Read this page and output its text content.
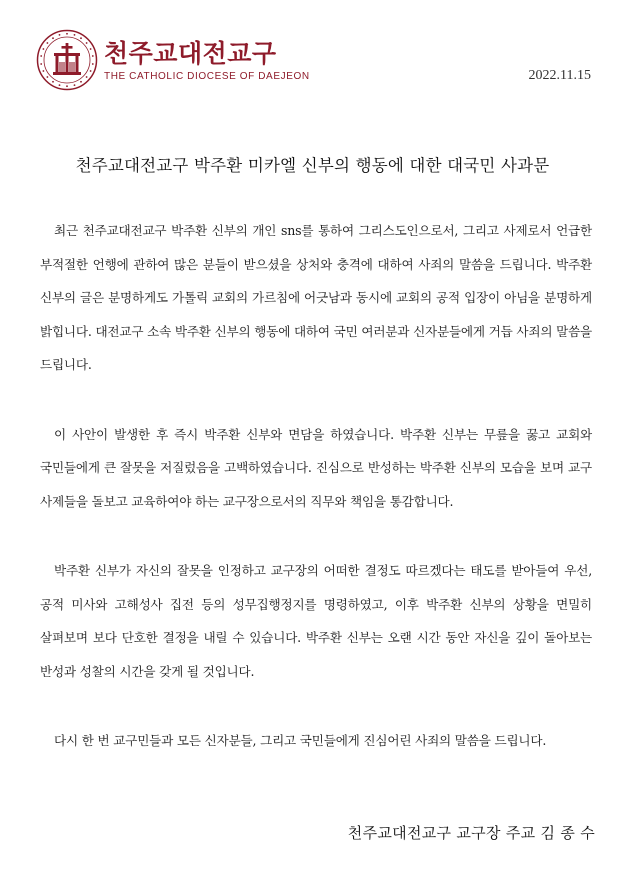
천주교대전교구
THE CATHOLIC DIOCESE OF DAEJEON	2022.11.15
천주교대전교구 박주환 미카엘 신부의 행동에 대한 대국민 사과문

최근 천주교대전교구 박주환 신부의 개인 sns를 통하여 그리스도인으로서, 그리고 사제로서 언급한 부적절한 언행에 관하여 많은 분들이 받으셨을 상처와 충격에 대하여 사죄의 말씀을 드립니다. 박주환 신부의 글은 분명하게도 가톨릭 교회의 가르침에 어긋남과 동시에 교회의 공적 입장이 아님을 분명하게 밝힙니다. 대전교구 소속 박주환 신부의 행동에 대하여 국민 여러분과 신자분들에게 거듭 사죄의 말씀을 드립니다.

이 사안이 발생한 후 즉시 박주환 신부와 면담을 하였습니다. 박주환 신부는 무릎을 꿇고 교회와 국민들에게 큰 잘못을 저질렀음을 고백하였습니다. 진심으로 반성하는 박주환 신부의 모습을 보며 교구 사제들을 돌보고 교육하여야 하는 교구장으로서의 직무와 책임을 통감합니다.

박주환 신부가 자신의 잘못을 인정하고 교구장의 어떠한 결정도 따르겠다는 태도를 받아들여 우선, 공적 미사와 고해성사 집전 등의 성무집행정지를 명령하였고, 이후 박주환 신부의 상황을 면밀히 살펴보며 보다 단호한 결정을 내릴 수 있습니다. 박주환 신부는 오랜 시간 동안 자신을 깊이 돌아보는 반성과 성찰의 시간을 갖게 될 것입니다.

다시 한 번 교구민들과 모든 신자분들, 그리고 국민들에게 진심어린 사죄의 말씀을 드립니다.

천주교대전교구 교구장 주교 김 종 수
